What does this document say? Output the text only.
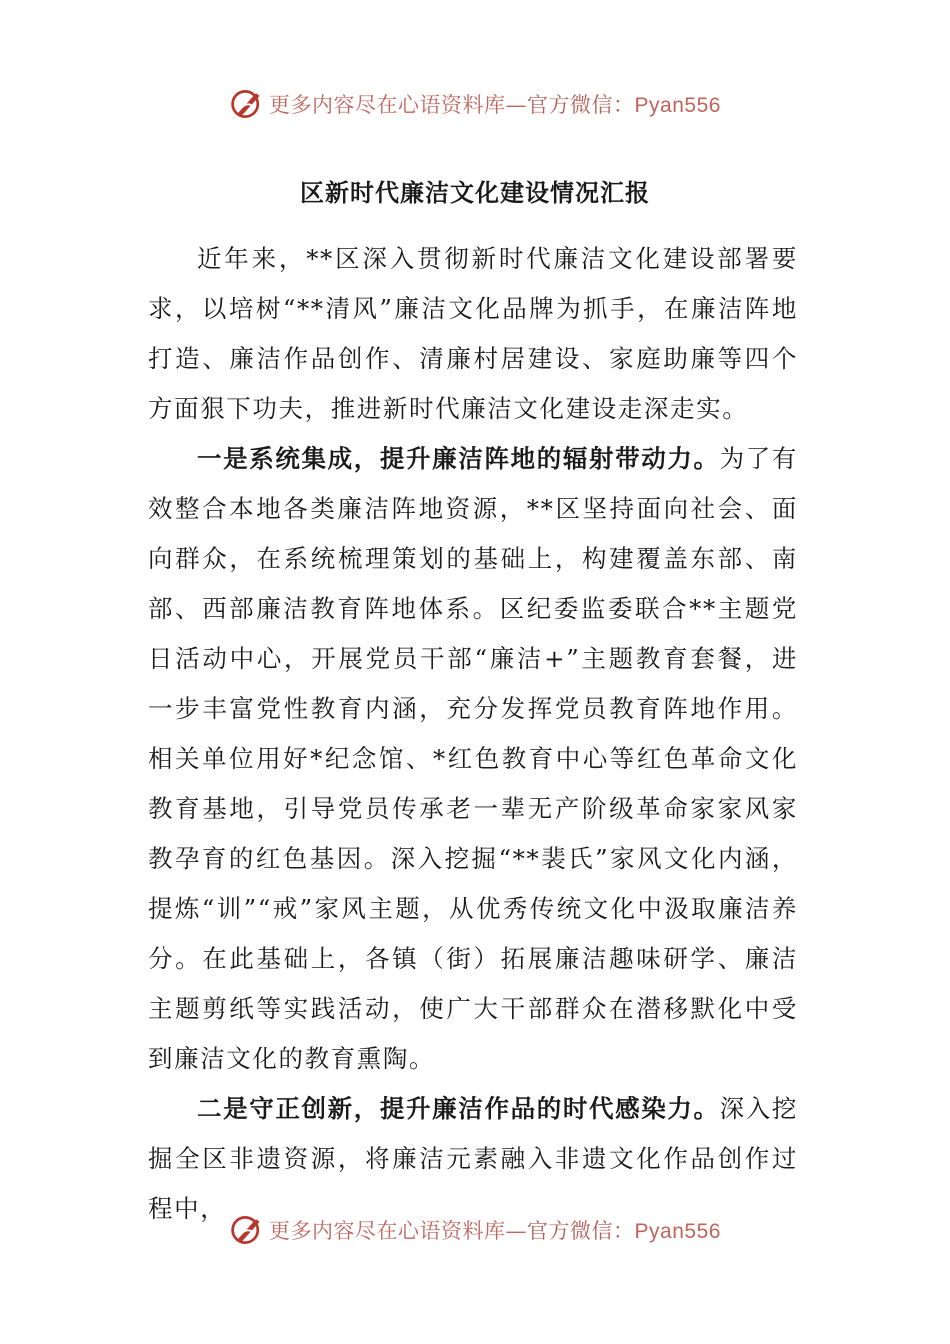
更多内容尽在心语资料库—官方微信：Pyan556
区新时代廉洁文化建设情况汇报

近年来，**区深入贯彻新时代廉洁文化建设部署要求，以培树“**清风”廉洁文化品牌为抓手，在廉洁阵地打造、廉洁作品创作、清廉村居建设、家庭助廉等四个方面狠下功夫，推进新时代廉洁文化建设走深走实。

一是系统集成，提升廉洁阵地的辐射带动力。为了有效整合本地各类廉洁阵地资源，**区坚持面向社会、面向群众，在系统梳理策划的基础上，构建覆盖东部、南部、西部廉洁教育阵地体系。区纪委监委联合**主题党日活动中心，开展党员干部“廉洁+”主题教育套餐，进一步丰富党性教育内涵，充分发挥党员教育阵地作用。相关单位用好*纪念馆、*红色教育中心等红色革命文化教育基地，引导党员传承老一辈无产阶级革命家家风家教孕育的红色基因。深入挖掘“**裴氏”家风文化内涵，提炼“训”“戒”家风主题，从优秀传统文化中汲取廉洁养分。在此基础上，各镇（街）拓展廉洁趣味研学、廉洁主题剪纸等实践活动，使广大干部群众在潜移默化中受到廉洁文化的教育熏陶。

二是守正创新，提升廉洁作品的时代感染力。深入挖掘全区非遗资源，将廉洁元素融入非遗文化作品创作过程中，

更多内容尽在心语资料库—官方微信：Pyan556
